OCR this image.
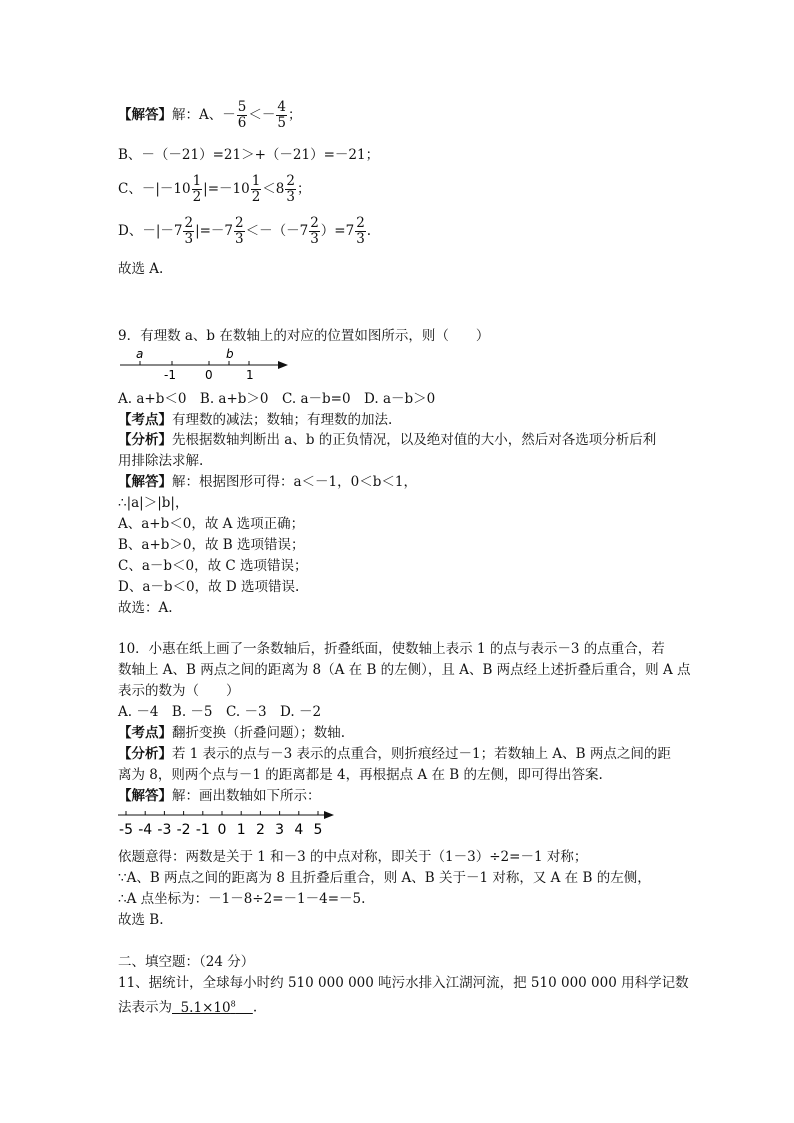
【解答】解：A、－ $\frac{5}{6} <- \frac{4}{5}$ ；
B、－（－21）=21＞+（－21）=－21；
C、$-|-10 \frac{1}{2} |=-10 \frac{1}{2} <8 \frac{2}{3}$ ；
D、$-|-7 \frac{2}{3} |=-7 \frac{2}{3} <-(-7 \frac{2}{3} )=7 \frac{2}{3}$ .
故选 A.
9．有理数 a、b 在数轴上的对应的位置如图所示，则（　　）
a	b
-1 0	1
A. a+b＜0　B. a+b＞0　C. a－b=0　D. a－b＞0
【考点】有理数的减法；数轴；有理数的加法.
【分析】先根据数轴判断出 a、b 的正负情况，以及绝对值的大小，然后对各选项分析后利
用排除法求解.
【解答】解：根据图形可得：a＜－1，0＜b＜1，
∴|a|＞|b|，
A、a+b＜0，故 A 选项正确；
B、a+b＞0，故 B 选项错误；
C、a－b＜0，故 C 选项错误；
D、a－b＜0，故 D 选项错误.
故选：A.
10．小惠在纸上画了一条数轴后，折叠纸面，使数轴上表示 1 的点与表示－3 的点重合，若
数轴上 A、B 两点之间的距离为 8（A 在 B 的左侧），且 A、B 两点经上述折叠后重合，则 A 点
表示的数为（　　）
A. －4　B. －5　C. －3　D. －2
【考点】翻折变换（折叠问题）；数轴.
【分析】若 1 表示的点与－3 表示的点重合，则折痕经过－1；若数轴上 A、B 两点之间的距
离为 8，则两个点与－1 的距离都是 4，再根据点 A 在 B 的左侧，即可得出答案.
【解答】解：画出数轴如下所示：
-5 -4 -3 -2 -1 0 1 2 3 4 5
依题意得：两数是关于 1 和－3 的中点对称，即关于（1－3）÷2=－1 对称；
∵A、B 两点之间的距离为 8 且折叠后重合，则 A、B 关于－1 对称，又 A 在 B 的左侧，
∴A 点坐标为：－1－8÷2=－1－4=－5.
故选 B.
二、填空题：（24 分）
11、据统计，全球每小时约 510 000 000 吨污水排入江湖河流，把 510 000 000 用科学记数
法表示为 $5.1\times 10^8$ .
